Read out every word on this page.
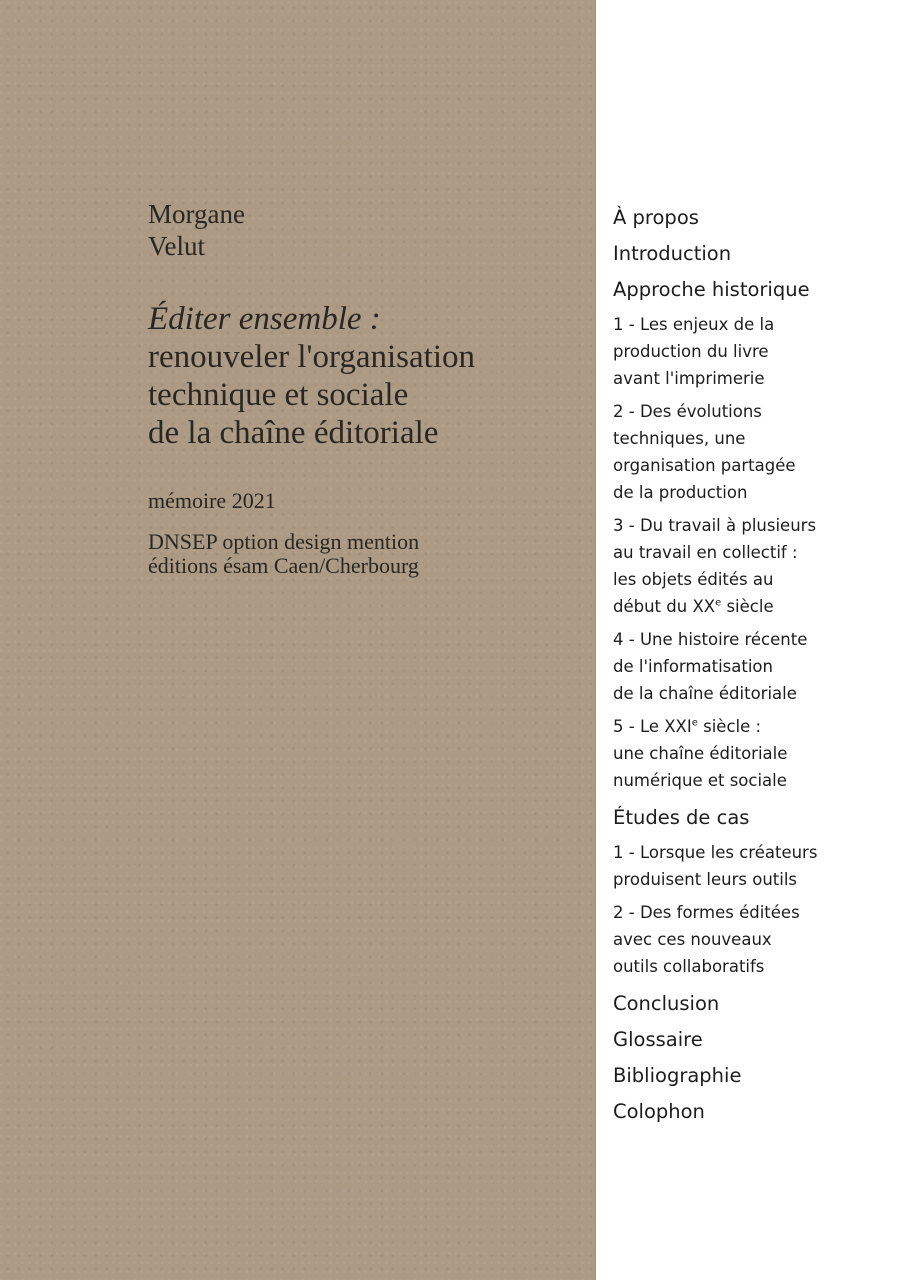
Morgane
Velut
Éditer ensemble :
renouveler l'organisation
technique et sociale
de la chaîne éditoriale
mémoire 2021
DNSEP option design mention
éditions ésam Caen/Cherbourg
À propos
Introduction
Approche historique
1 - Les enjeux de la
production du livre
avant l'imprimerie
2 - Des évolutions
techniques, une
organisation partagée
de la production
3 - Du travail à plusieurs
au travail en collectif :
les objets édités au
début du XXe siècle
4 - Une histoire récente
de l'informatisation
de la chaîne éditoriale
5 - Le XXIe siècle :
une chaîne éditoriale
numérique et sociale
Études de cas
1 - Lorsque les créateurs
produisent leurs outils
2 - Des formes éditées
avec ces nouveaux
outils collaboratifs
Conclusion
Glossaire
Bibliographie
Colophon
